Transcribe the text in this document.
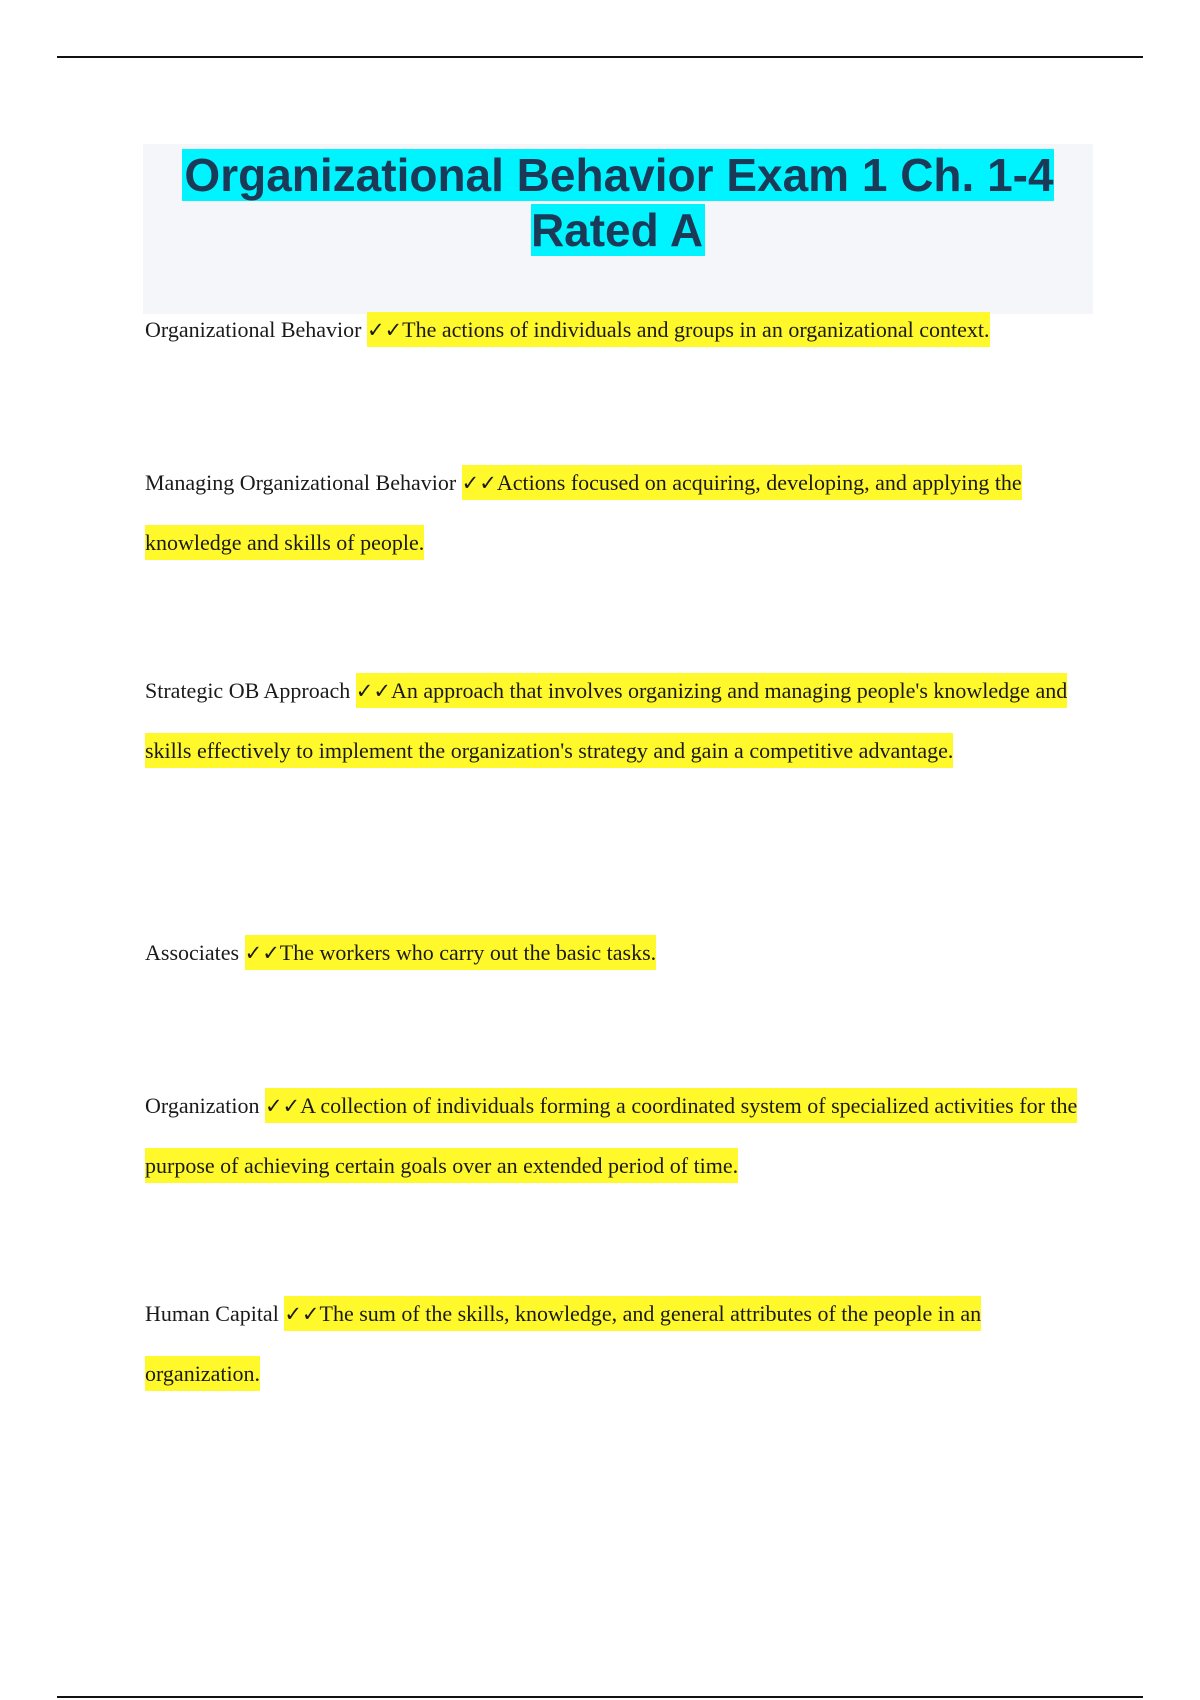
Organizational Behavior Exam 1 Ch. 1-4 Rated A

Organizational Behavior ✓✓The actions of individuals and groups in an organizational context.

Managing Organizational Behavior ✓✓Actions focused on acquiring, developing, and applying the knowledge and skills of people.

Strategic OB Approach ✓✓An approach that involves organizing and managing people's knowledge and skills effectively to implement the organization's strategy and gain a competitive advantage.

Associates ✓✓The workers who carry out the basic tasks.

Organization ✓✓A collection of individuals forming a coordinated system of specialized activities for the purpose of achieving certain goals over an extended period of time.

Human Capital ✓✓The sum of the skills, knowledge, and general attributes of the people in an organization.
